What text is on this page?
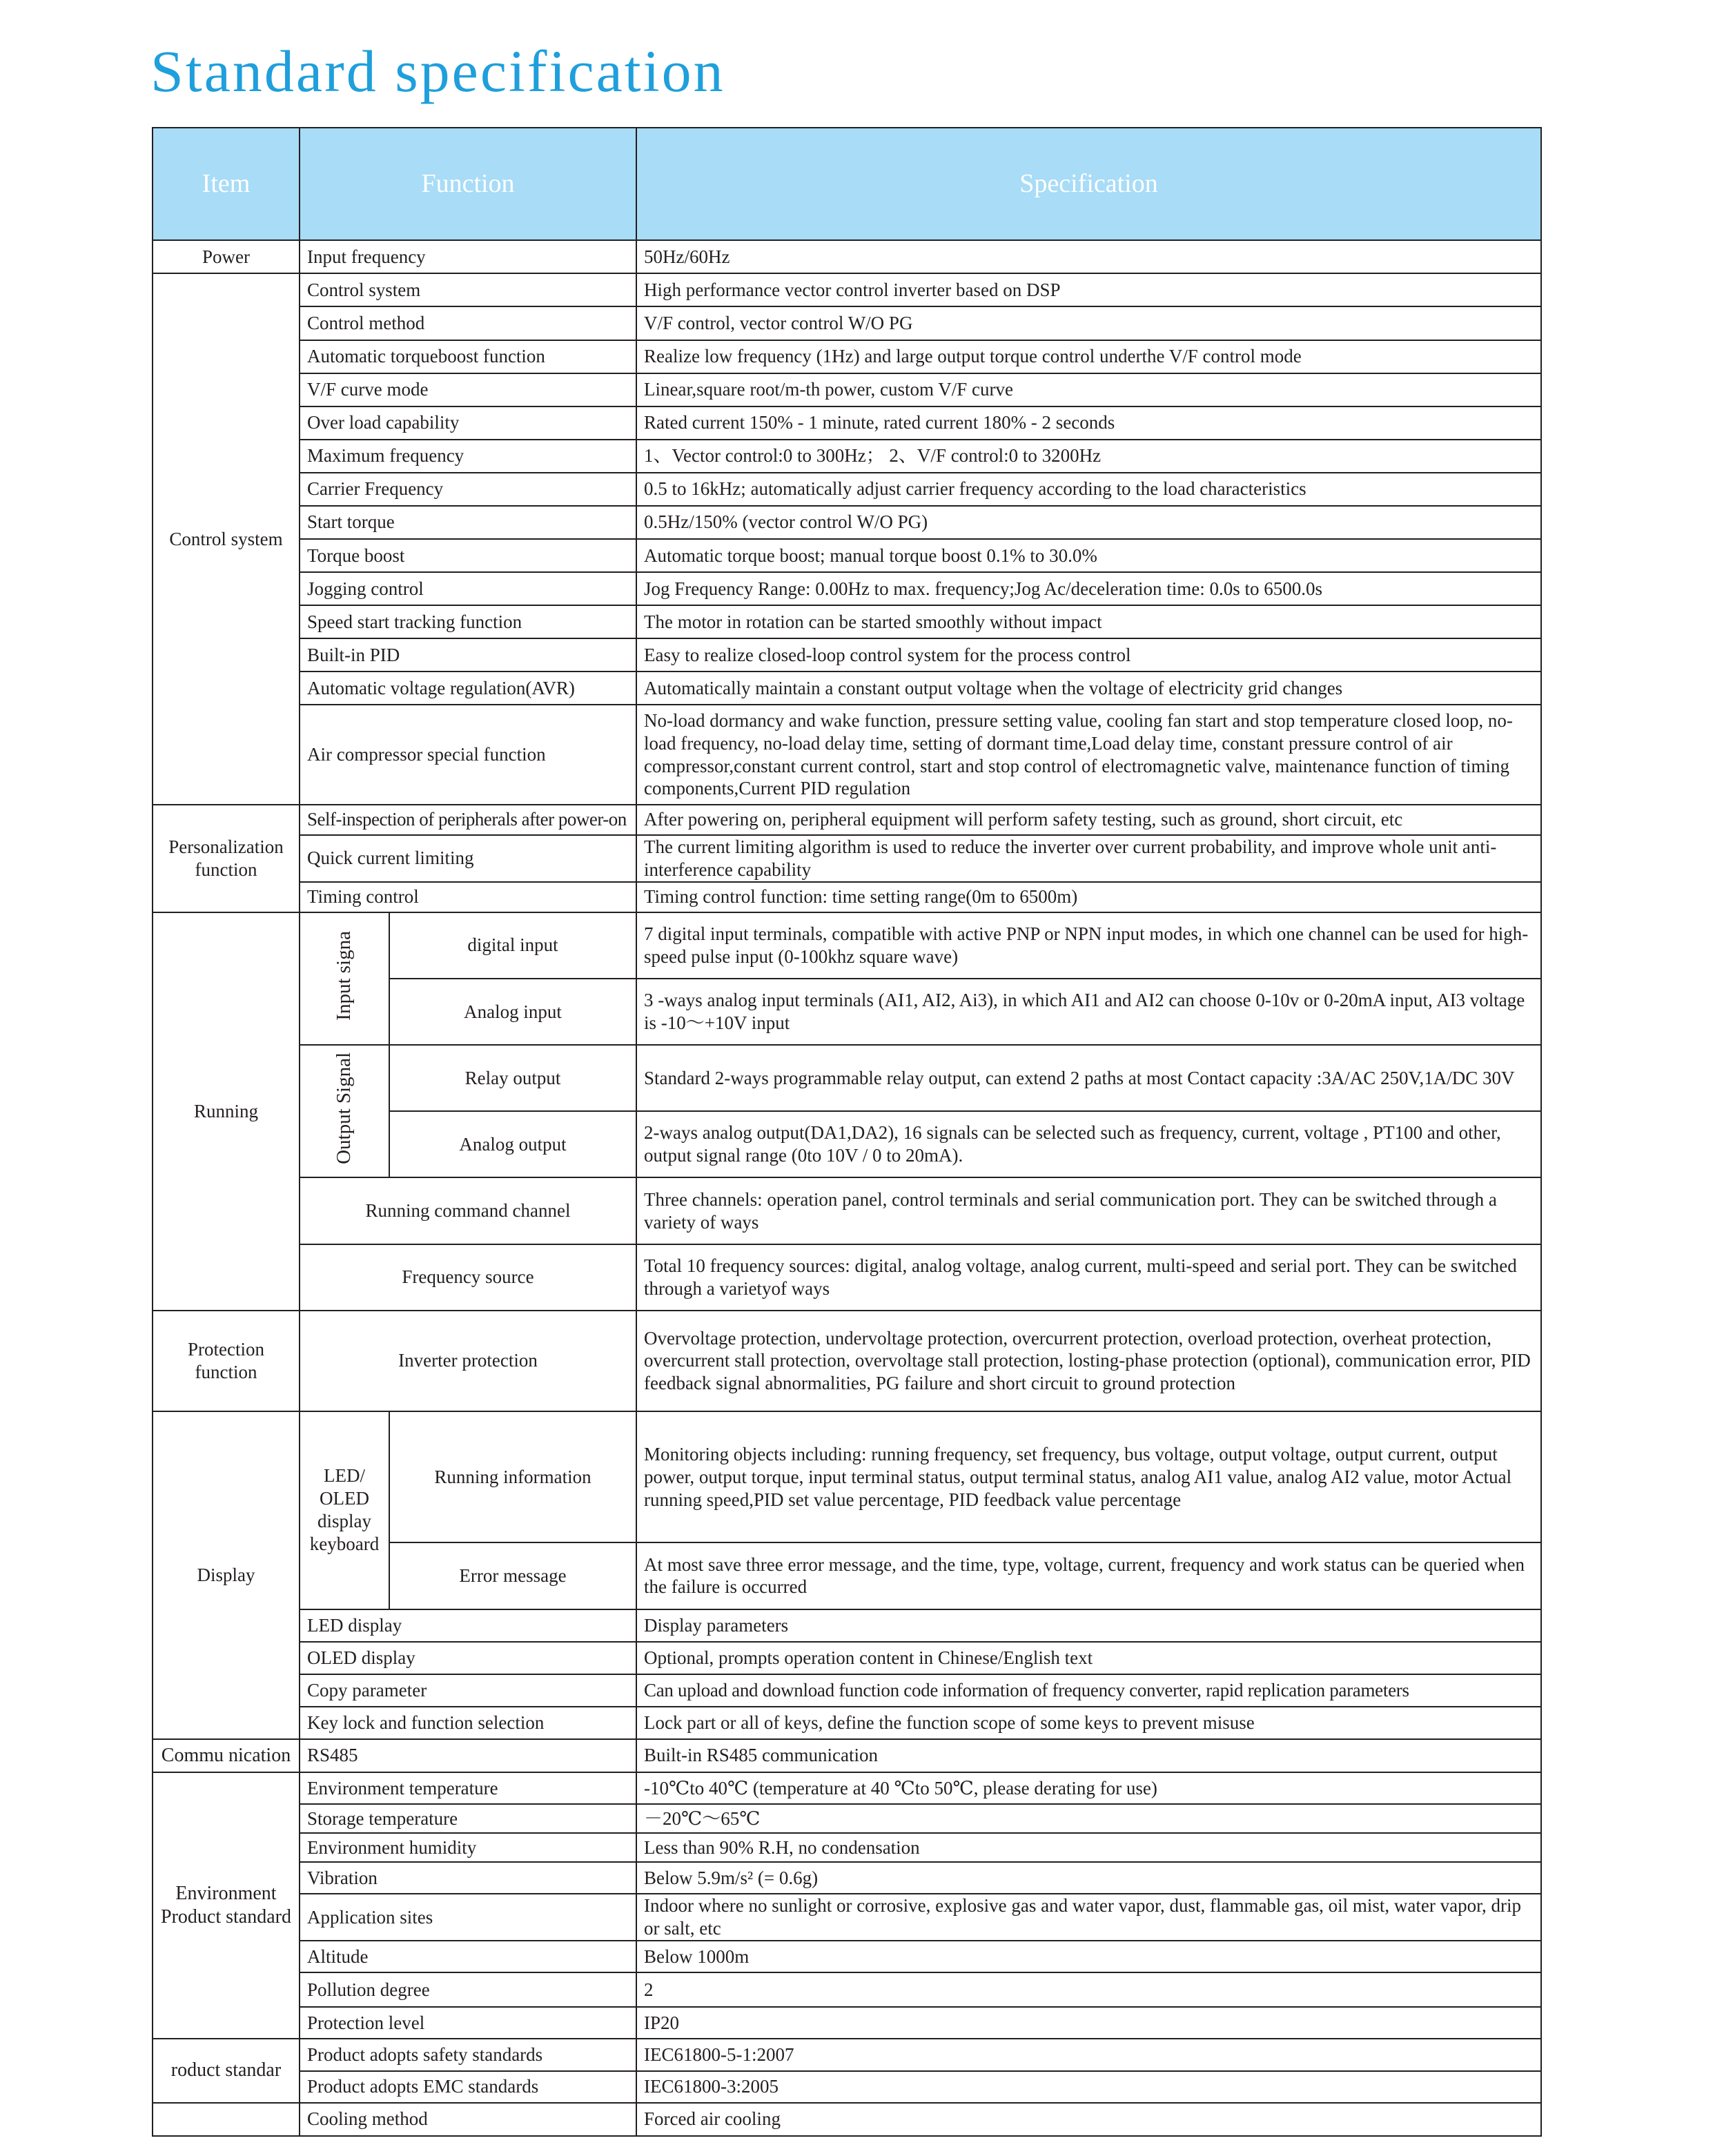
Standard specification
Item	Function		Specification
Power	Input frequency		50Hz/60Hz
Control system	Control system		High performance vector control inverter based on DSP
	Control method		V/F control, vector control W/O PG
	Automatic torqueboost function		Realize low frequency (1Hz) and large output torque control underthe V/F control mode
	V/F curve mode		Linear,square root/m-th power, custom V/F curve
	Over load capability		Rated current 150% - 1 minute, rated current 180% - 2 seconds
	Maximum frequency		1、Vector control:0 to 300Hz； 2、V/F control:0 to 3200Hz
	Carrier Frequency		0.5 to 16kHz; automatically adjust carrier frequency according to the load characteristics
	Start torque		0.5Hz/150% (vector control W/O PG)
	Torque boost		Automatic torque boost; manual torque boost 0.1% to 30.0%
	Jogging control		Jog Frequency Range: 0.00Hz to max. frequency;Jog Ac/deceleration time: 0.0s to 6500.0s
	Speed start tracking function		The motor in rotation can be started smoothly without impact
	Built-in PID		Easy to realize closed-loop control system for the process control
	Automatic voltage regulation(AVR)		Automatically maintain a constant output voltage when the voltage of electricity grid changes
	Air compressor special function		No-load dormancy and wake function, pressure setting value, cooling fan start and stop temperature closed loop, no-load frequency, no-load delay time, setting of dormant time,Load delay time, constant pressure control of air compressor,constant current control, start and stop control of electromagnetic valve, maintenance function of timing components,Current PID regulation
Personalization function	Self-inspection of peripherals after power-on		After powering on, peripheral equipment will perform safety testing, such as ground, short circuit, etc
	Quick current limiting		The current limiting algorithm is used to reduce the inverter over current probability, and improve whole unit anti-interference capability
	Timing control		Timing control function: time setting range(0m to 6500m)
Running	Input signa	digital input	7 digital input terminals, compatible with active PNP or NPN input modes, in which one channel can be used for high-speed pulse input (0-100khz square wave)
		Analog input	3 -ways analog input terminals (AI1, AI2, Ai3), in which AI1 and AI2 can choose 0-10v or 0-20mA input, AI3 voltage is -10～+10V input
	Output Signal	Relay output	Standard 2-ways programmable relay output, can extend 2 paths at most Contact capacity :3A/AC 250V,1A/DC 30V
		Analog output	2-ways analog output(DA1,DA2), 16 signals can be selected such as frequency, current, voltage , PT100 and other, output signal range (0to 10V / 0 to 20mA).
	Running command channel		Three channels: operation panel, control terminals and serial communication port. They can be switched through a variety of ways
	Frequency source		Total 10 frequency sources: digital, analog voltage, analog current, multi-speed and serial port. They can be switched through a varietyof ways
Protection function	Inverter protection		Overvoltage protection, undervoltage protection, overcurrent protection, overload protection, overheat protection, overcurrent stall protection, overvoltage stall protection, losting-phase protection (optional), communication error, PID feedback signal abnormalities, PG failure and short circuit to ground protection
Display	LED/ OLED display keyboard	Running information	Monitoring objects including: running frequency, set frequency, bus voltage, output voltage, output current, output power, output torque, input terminal status, output terminal status, analog AI1 value, analog AI2 value, motor Actual running speed,PID set value percentage, PID feedback value percentage
		Error message	At most save three error message, and the time, type, voltage, current, frequency and work status can be queried when the failure is occurred
	LED display		Display parameters
	OLED display		Optional, prompts operation content in Chinese/English text
	Copy parameter		Can upload and download function code information of frequency converter, rapid replication parameters
	Key lock and function selection		Lock part or all of keys, define the function scope of some keys to prevent misuse
Commu nication	RS485		Built-in RS485 communication
Environment Product standard	Environment temperature		-10℃to 40℃ (temperature at 40 ℃to 50℃, please derating for use)
	Storage temperature		－20℃～65℃
	Environment humidity		Less than 90% R.H, no condensation
	Vibration		Below 5.9m/s² (= 0.6g)
	Application sites		Indoor where no sunlight or corrosive, explosive gas and water vapor, dust, flammable gas, oil mist, water vapor, drip or salt, etc
	Altitude		Below 1000m
	Pollution degree		2
	Protection level		IP20
roduct standar	Product adopts safety standards		IEC61800-5-1:2007
	Product adopts EMC standards		IEC61800-3:2005
	Cooling method		Forced air cooling
